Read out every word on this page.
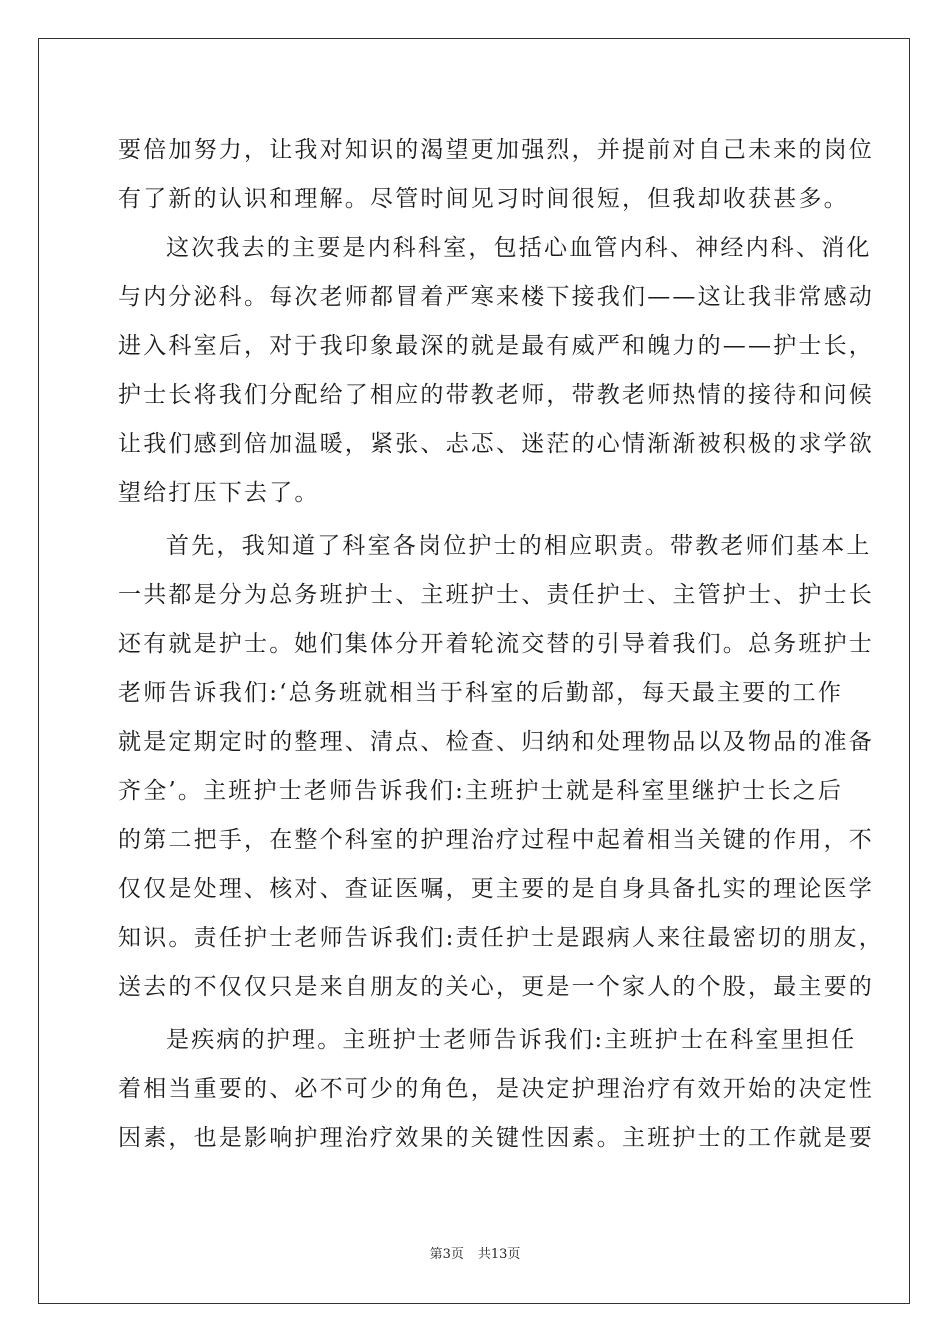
要倍加努力，让我对知识的渴望更加强烈，并提前对自己未来的岗位
有了新的认识和理解。尽管时间见习时间很短，但我却收获甚多。
这次我去的主要是内科科室，包括心血管内科、神经内科、消化
与内分泌科。每次老师都冒着严寒来楼下接我们——这让我非常感动
进入科室后，对于我印象最深的就是最有威严和魄力的——护士长，
护士长将我们分配给了相应的带教老师，带教老师热情的接待和问候
让我们感到倍加温暖，紧张、忐忑、迷茫的心情渐渐被积极的求学欲
望给打压下去了。
首先，我知道了科室各岗位护士的相应职责。带教老师们基本上
一共都是分为总务班护士、主班护士、责任护士、主管护士、护士长
还有就是护士。她们集体分开着轮流交替的引导着我们。总务班护士
老师告诉我们:‘总务班就相当于科室的后勤部，每天最主要的工作
就是定期定时的整理、清点、检查、归纳和处理物品以及物品的准备
齐全’。主班护士老师告诉我们:主班护士就是科室里继护士长之后
的第二把手，在整个科室的护理治疗过程中起着相当关键的作用，不
仅仅是处理、核对、查证医嘱，更主要的是自身具备扎实的理论医学
知识。责任护士老师告诉我们:责任护士是跟病人来往最密切的朋友，
送去的不仅仅只是来自朋友的关心，更是一个家人的个股，最主要的
是疾病的护理。主班护士老师告诉我们:主班护士在科室里担任
着相当重要的、必不可少的角色，是决定护理治疗有效开始的决定性
因素，也是影响护理治疗效果的关键性因素。主班护士的工作就是要
第3页 共13页
